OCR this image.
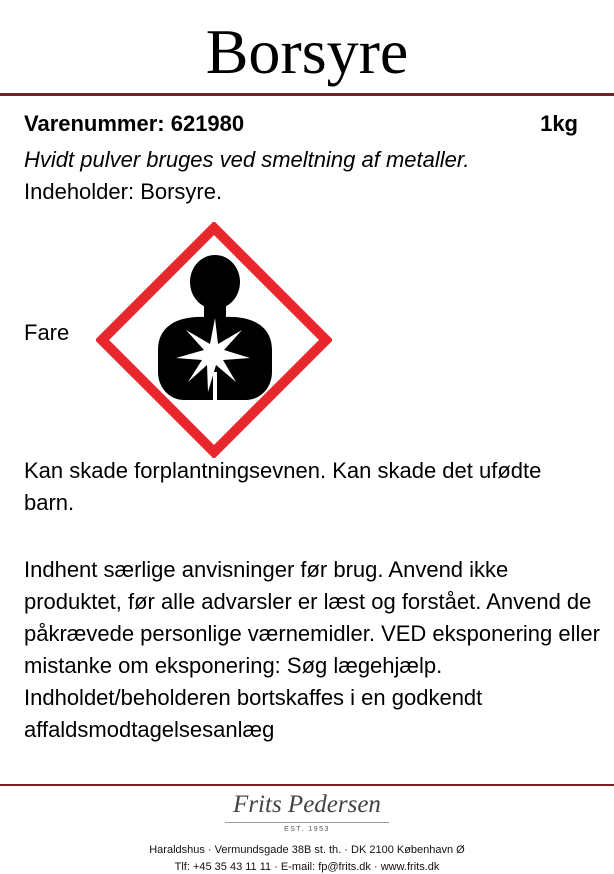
Borsyre
Varenummer: 621980	1kg
Hvidt pulver bruges ved smeltning af metaller.
Indeholder: Borsyre.
Fare
Kan skade forplantningsevnen. Kan skade det ufødte barn.
Indhent særlige anvisninger før brug. Anvend ikke produktet, før alle advarsler er læst og forstået. Anvend de påkrævede personlige værnemidler. VED eksponering eller mistanke om eksponering: Søg lægehjælp. Indholdet/beholderen bortskaffes i en godkendt affaldsmodtagelsesanlæg
Frits Pedersen
EST. 1953
Haraldshus · Vermundsgade 38B st. th. · DK 2100 København Ø
Tlf: +45 35 43 11 11 · E-mail: fp@frits.dk · www.frits.dk
